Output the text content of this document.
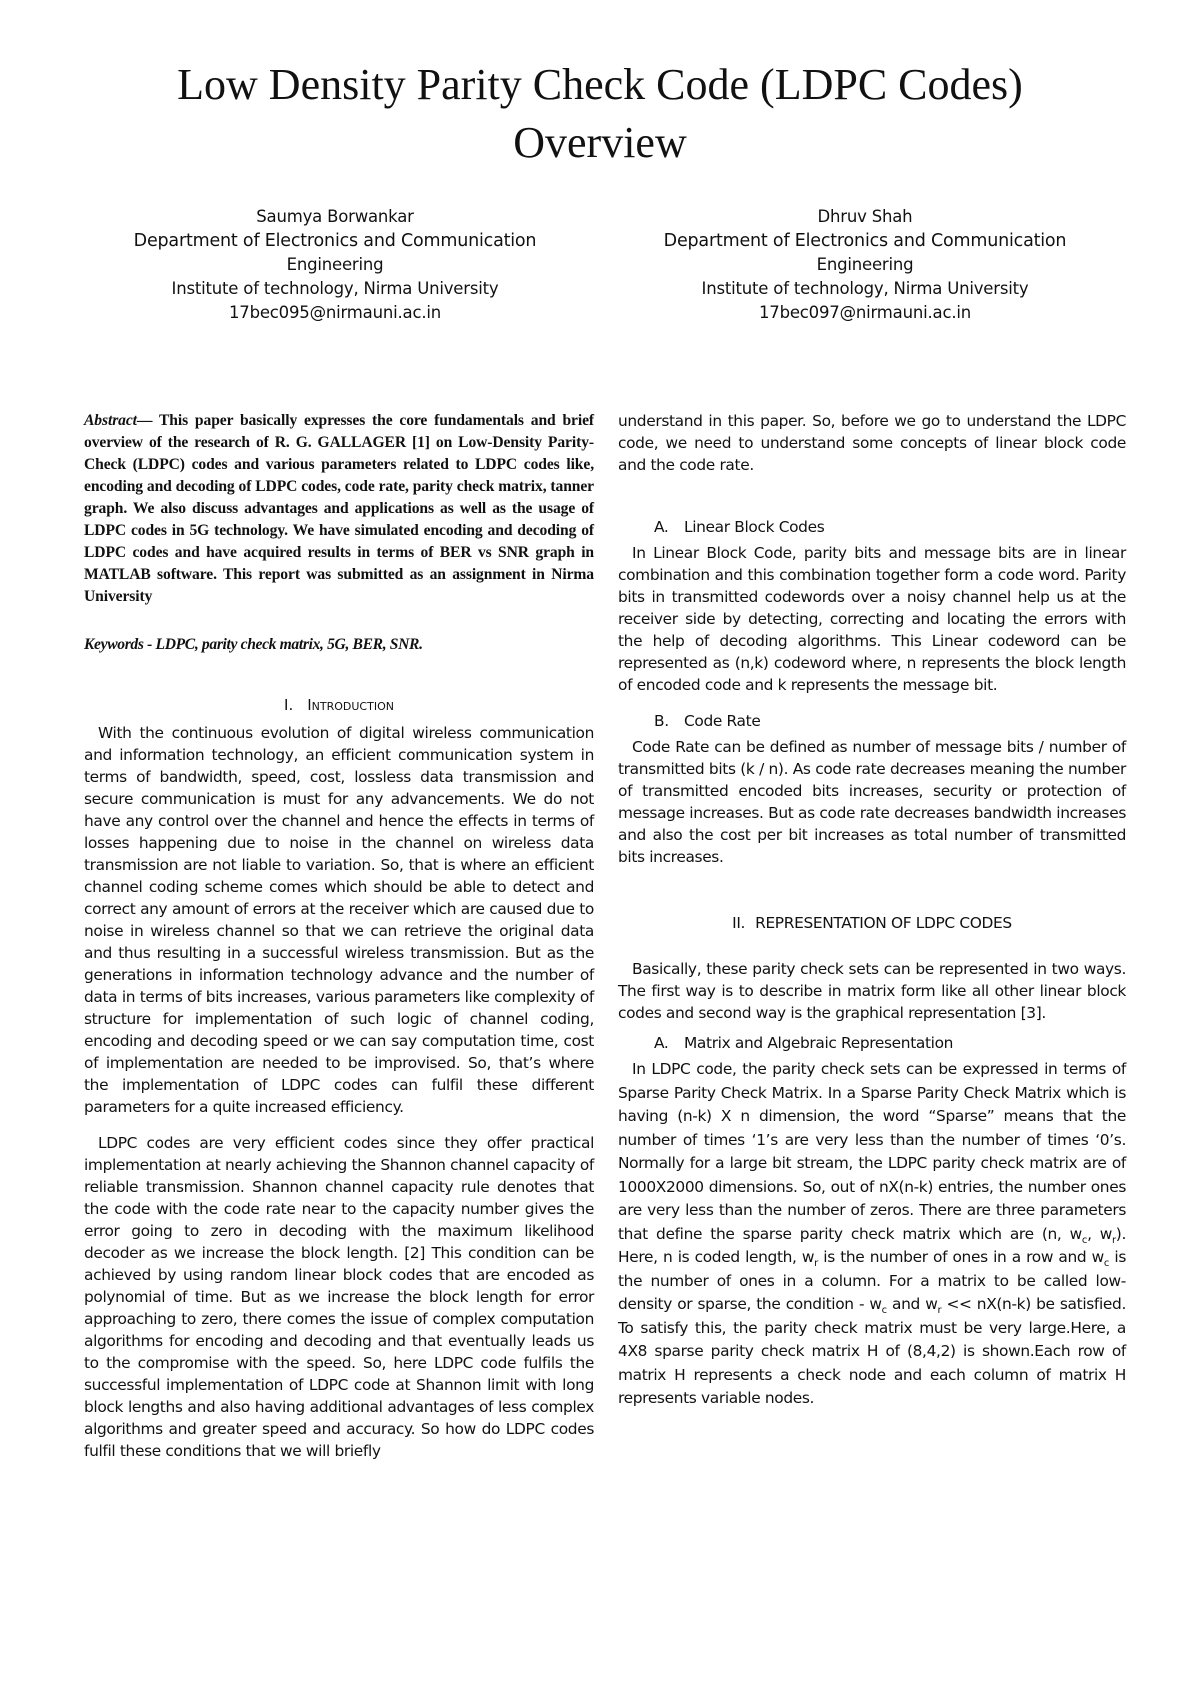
Low Density Parity Check Code (LDPC Codes) Overview
Saumya Borwankar
Department of Electronics and Communication
Engineering
Institute of technology, Nirma University
17bec095@nirmauni.ac.in
Dhruv Shah
Department of Electronics and Communication
Engineering
Institute of technology, Nirma University
17bec097@nirmauni.ac.in

Abstract— This paper basically expresses the core fundamentals and brief overview of the research of R. G. GALLAGER [1] on Low-Density Parity-Check (LDPC) codes and various parameters related to LDPC codes like, encoding and decoding of LDPC codes, code rate, parity check matrix, tanner graph. We also discuss advantages and applications as well as the usage of LDPC codes in 5G technology. We have simulated encoding and decoding of LDPC codes and have acquired results in terms of BER vs SNR graph in MATLAB software. This report was submitted as an assignment in Nirma University

Keywords - LDPC, parity check matrix, 5G, BER, SNR.

I. Introduction

With the continuous evolution of digital wireless communication and information technology, an efficient communication system in terms of bandwidth, speed, cost, lossless data transmission and secure communication is must for any advancements. We do not have any control over the channel and hence the effects in terms of losses happening due to noise in the channel on wireless data transmission are not liable to variation. So, that is where an efficient channel coding scheme comes which should be able to detect and correct any amount of errors at the receiver which are caused due to noise in wireless channel so that we can retrieve the original data and thus resulting in a successful wireless transmission. But as the generations in information technology advance and the number of data in terms of bits increases, various parameters like complexity of structure for implementation of such logic of channel coding, encoding and decoding speed or we can say computation time, cost of implementation are needed to be improvised. So, that’s where the implementation of LDPC codes can fulfil these different parameters for a quite increased efficiency.

LDPC codes are very efficient codes since they offer practical implementation at nearly achieving the Shannon channel capacity of reliable transmission. Shannon channel capacity rule denotes that the code with the code rate near to the capacity number gives the error going to zero in decoding with the maximum likelihood decoder as we increase the block length. [2] This condition can be achieved by using random linear block codes that are encoded as polynomial of time. But as we increase the block length for error approaching to zero, there comes the issue of complex computation algorithms for encoding and decoding and that eventually leads us to the compromise with the speed. So, here LDPC code fulfils the successful implementation of LDPC code at Shannon limit with long block lengths and also having additional advantages of less complex algorithms and greater speed and accuracy. So how do LDPC codes fulfil these conditions that we will briefly

understand in this paper. So, before we go to understand the LDPC code, we need to understand some concepts of linear block code and the code rate.

A. Linear Block Codes

In Linear Block Code, parity bits and message bits are in linear combination and this combination together form a code word. Parity bits in transmitted codewords over a noisy channel help us at the receiver side by detecting, correcting and locating the errors with the help of decoding algorithms. This Linear codeword can be represented as (n,k) codeword where, n represents the block length of encoded code and k represents the message bit.

B. Code Rate

Code Rate can be defined as number of message bits / number of transmitted bits (k / n). As code rate decreases meaning the number of transmitted encoded bits increases, security or protection of message increases. But as code rate decreases bandwidth increases and also the cost per bit increases as total number of transmitted bits increases.

II. REPRESENTATION OF LDPC CODES

Basically, these parity check sets can be represented in two ways. The first way is to describe in matrix form like all other linear block codes and second way is the graphical representation [3].

A. Matrix and Algebraic Representation

In LDPC code, the parity check sets can be expressed in terms of Sparse Parity Check Matrix. In a Sparse Parity Check Matrix which is having (n-k) X n dimension, the word “Sparse” means that the number of times ‘1’s are very less than the number of times ‘0’s. Normally for a large bit stream, the LDPC parity check matrix are of 1000X2000 dimensions. So, out of nX(n-k) entries, the number ones are very less than the number of zeros. There are three parameters that define the sparse parity check matrix which are (n, $w_c$, $w_r$). Here, n is coded length, $w_r$ is the number of ones in a row and $w_c$ is the number of ones in a column. For a matrix to be called low-density or sparse, the condition - $w_c$ and $w_r << nX(n-k)$ be satisfied. To satisfy this, the parity check matrix must be very large.Here, a 4X8 sparse parity check matrix H of (8,4,2) is shown.Each row of matrix H represents a check node and each column of matrix H represents variable nodes.
